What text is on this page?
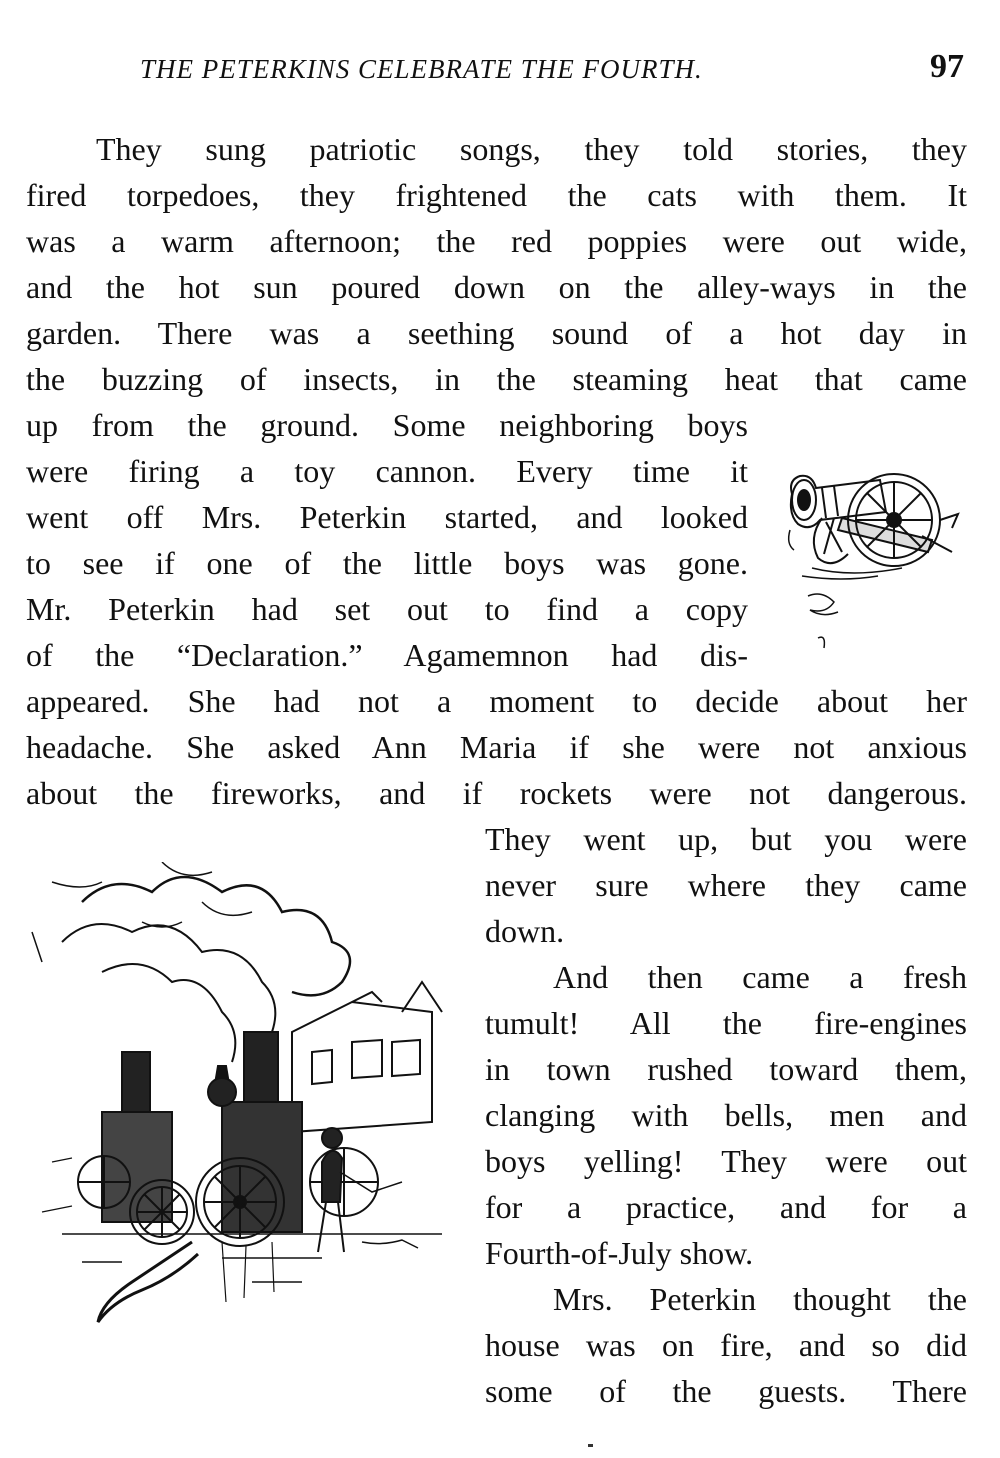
THE PETERKINS CELEBRATE THE FOURTH.	97
They sung patriotic songs, they told stories, they
fired torpedoes, they frightened the cats with them. It
was a warm afternoon; the red poppies were out wide,
and the hot sun poured down on the alley-ways in the
garden. There was a seething sound of a hot day in
the buzzing of insects, in the steaming heat that came
up from the ground. Some neighboring boys
were firing a toy cannon. Every time it
went off Mrs. Peterkin started, and looked
to see if one of the little boys was gone.
Mr. Peterkin had set out to find a copy
of the “Declaration.” Agamemnon had dis-
appeared. She had not a moment to decide about her
headache. She asked Ann Maria if she were not anxious
about the fireworks, and if rockets were not dangerous.
They went up, but you were
never sure where they came
down.
And then came a fresh
tumult! All the fire-engines
in town rushed toward them,
clanging with bells, men and
boys yelling! They were out
for a practice, and for a
Fourth-of-July show.
Mrs. Peterkin thought the
house was on fire, and so did
some of the guests. There
